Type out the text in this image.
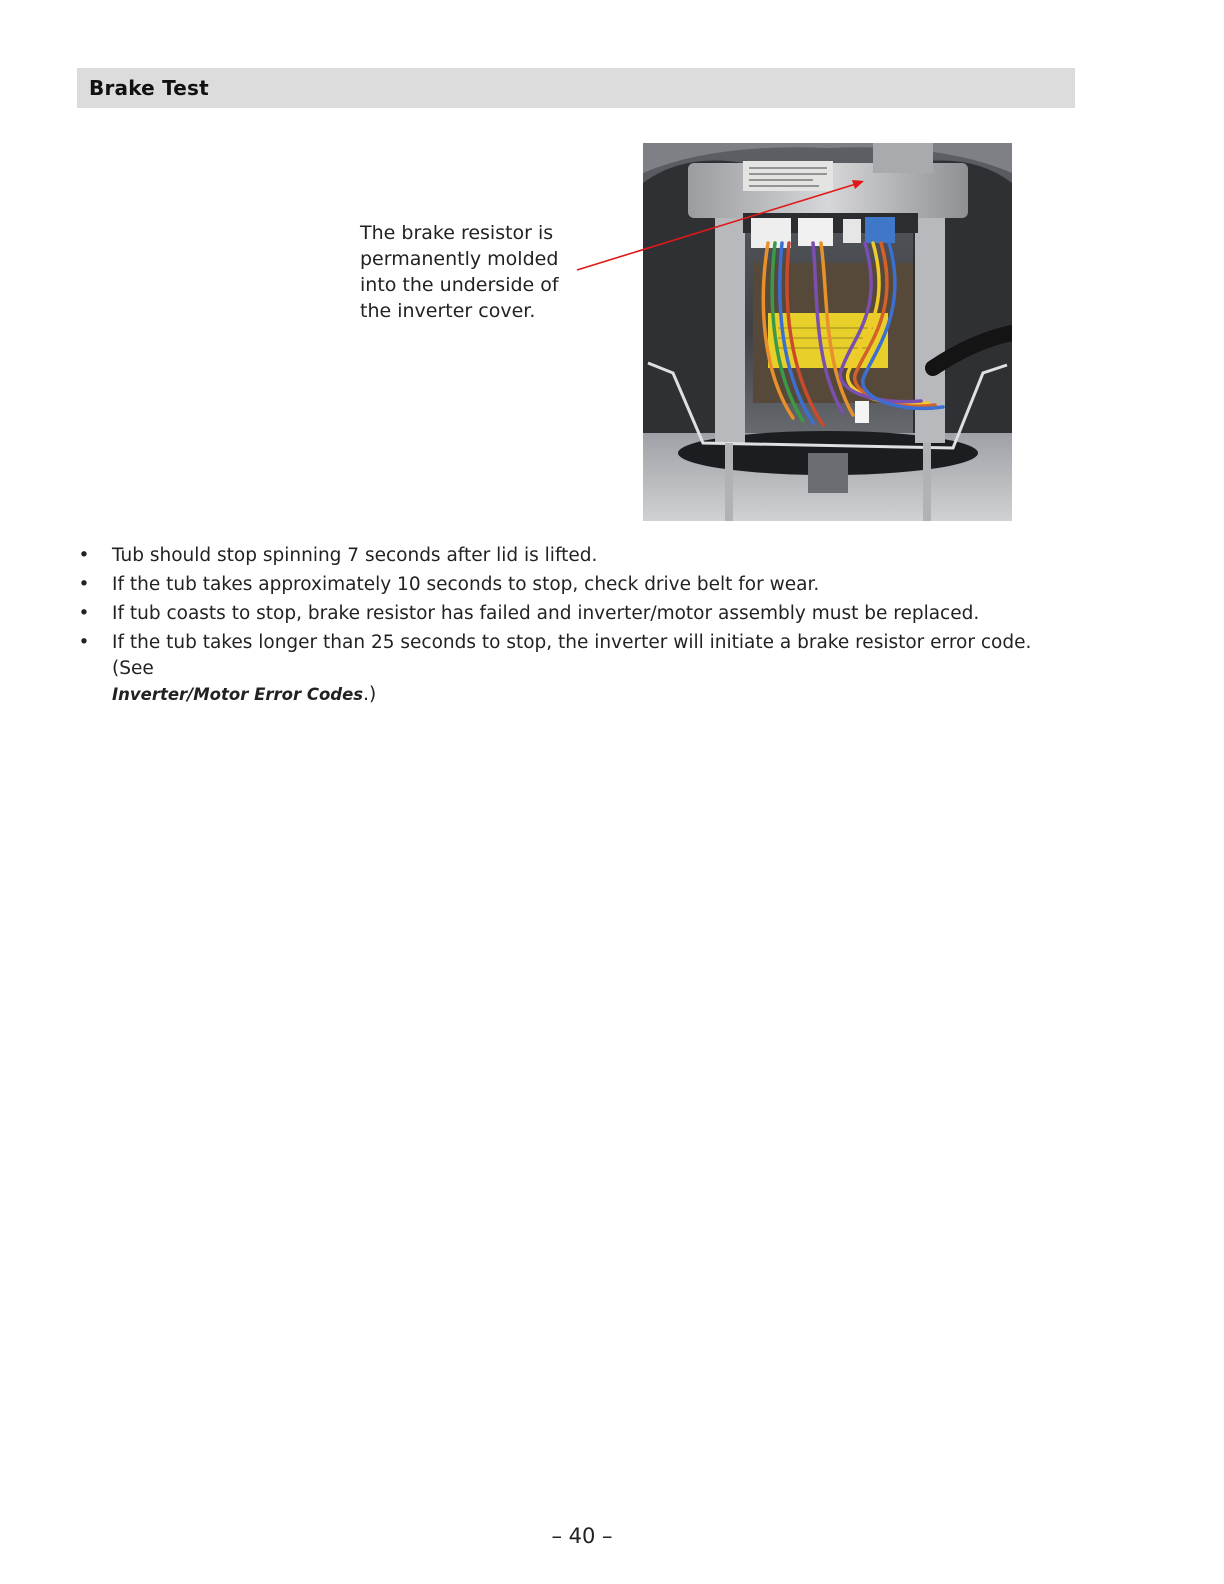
Brake Test
The brake resistor is
permanently molded
into the underside of
the inverter cover.
• Tub should stop spinning 7 seconds after lid is lifted.
• If the tub takes approximately 10 seconds to stop, check drive belt for wear.
• If tub coasts to stop, brake resistor has failed and inverter/motor assembly must be replaced.
• If the tub takes longer than 25 seconds to stop, the inverter will initiate a brake resistor error code. (See
Inverter/Motor Error Codes.)
– 40 –
